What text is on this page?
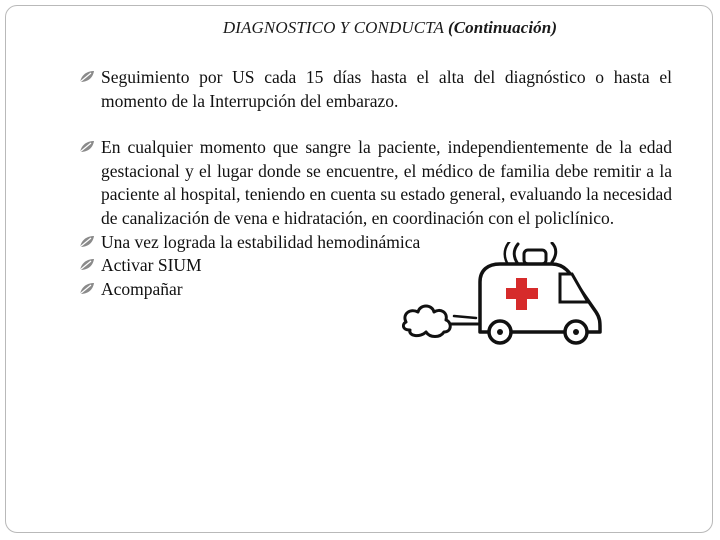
DIAGNOSTICO Y CONDUCTA (Continuación)
Seguimiento por US cada 15 días hasta el alta del diagnóstico o hasta el momento de la Interrupción del embarazo.
En cualquier momento que sangre la paciente, independientemente de la edad gestacional y el lugar donde se encuentre, el médico de familia debe remitir a la paciente al hospital, teniendo en cuenta su estado general, evaluando la necesidad de canalización de vena e hidratación, en coordinación con el policlínico.
Una vez lograda la estabilidad hemodinámica
Activar SIUM
Acompañar
